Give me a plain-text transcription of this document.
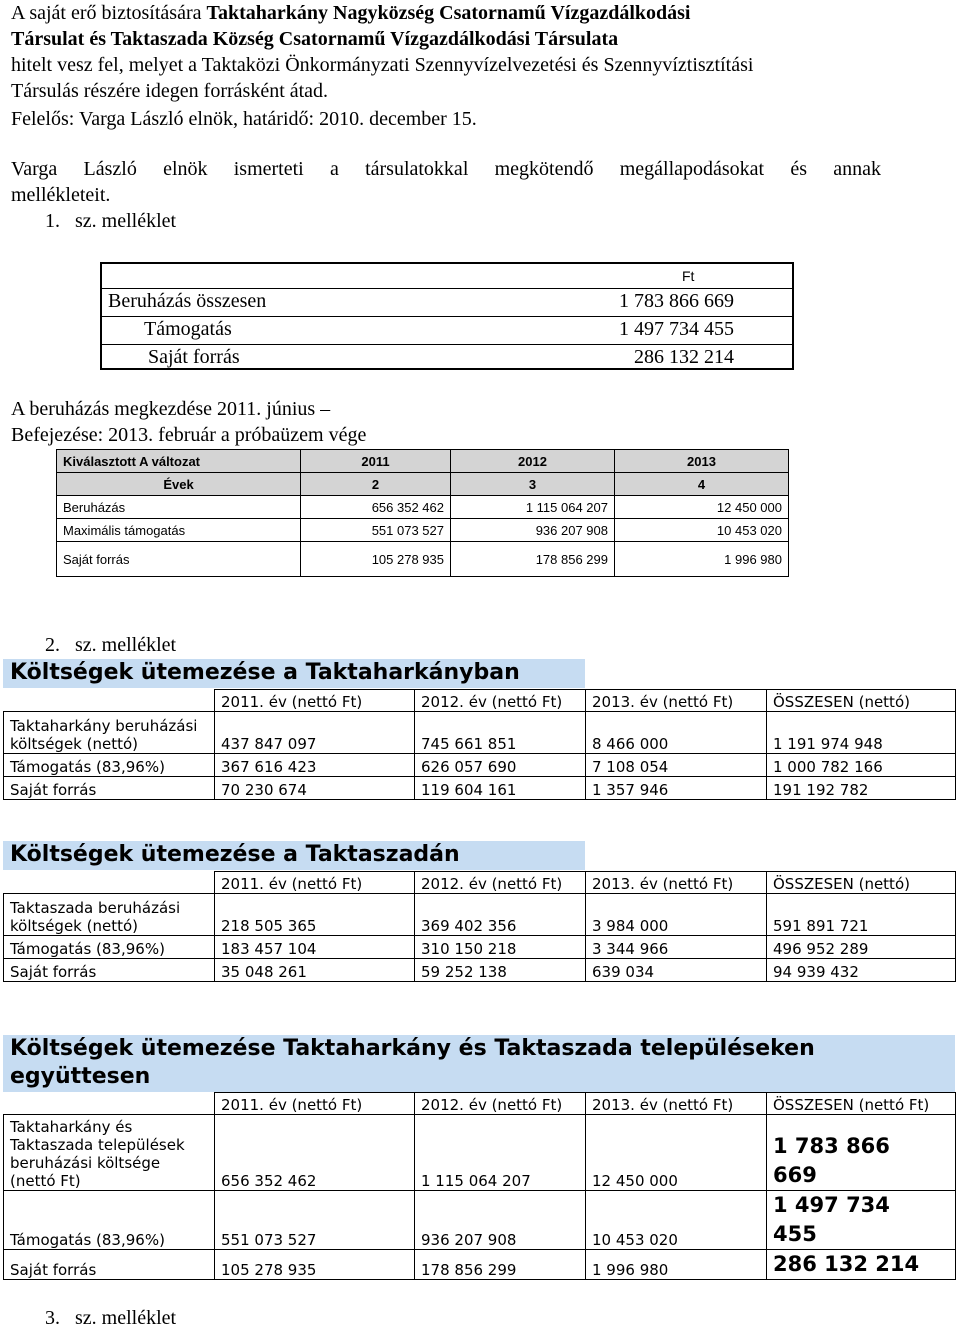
A saját erő biztosítására Taktaharkány Nagyközség Csatornamű Vízgazdálkodási
Társulat és Taktaszada Község Csatornamű Vízgazdálkodási Társulata
hitelt vesz fel, melyet a Taktaközi Önkormányzati Szennyvízelvezetési és Szennyvíztisztítási
Társulás részére idegen forrásként átad.
Felelős: Varga László elnök, határidő: 2010. december 15.
Varga László elnök ismerteti a társulatokkal megkötendő megállapodásokat és annak
mellékleteit.
1.   sz. melléklet
Ft
Beruházás összesen	1 783 866 669
Támogatás	1 497 734 455
Saját forrás	286 132 214
A beruházás megkezdése 2011. június –
Befejezése: 2013. február a próbaüzem vége
Kiválasztott A változat	2011	2012	2013
Évek	2	3	4
Beruházás	656 352 462	1 115 064 207	12 450 000
Maximális támogatás	551 073 527	936 207 908	10 453 020
Saját forrás	105 278 935	178 856 299	1 996 980
2.   sz. melléklet
Költségek ütemezése a Taktaharkányban
	2011. év (nettó Ft)	2012. év (nettó Ft)	2013. év (nettó Ft)	ÖSSZESEN (nettó)
Taktaharkány beruházási
költségek (nettó)	437 847 097	745 661 851	8 466 000	1 191 974 948
Támogatás (83,96%)	367 616 423	626 057 690	7 108 054	1 000 782 166
Saját forrás	70 230 674	119 604 161	1 357 946	191 192 782
Költségek ütemezése a Taktaszadán
	2011. év (nettó Ft)	2012. év (nettó Ft)	2013. év (nettó Ft)	ÖSSZESEN (nettó)
Taktaszada beruházási
költségek (nettó)	218 505 365	369 402 356	3 984 000	591 891 721
Támogatás (83,96%)	183 457 104	310 150 218	3 344 966	496 952 289
Saját forrás	35 048 261	59 252 138	639 034	94 939 432
Költségek ütemezése Taktaharkány és Taktaszada településeken
együttesen
	2011. év (nettó Ft)	2012. év (nettó Ft)	2013. év (nettó Ft)	ÖSSZESEN (nettó Ft)
Taktaharkány és
Taktaszada települések
beruházási költsége
(nettó Ft)	656 352 462	1 115 064 207	12 450 000	1 783 866
669
Támogatás (83,96%)	551 073 527	936 207 908	10 453 020	1 497 734
455
Saját forrás	105 278 935	178 856 299	1 996 980	286 132 214
3.   sz. melléklet
